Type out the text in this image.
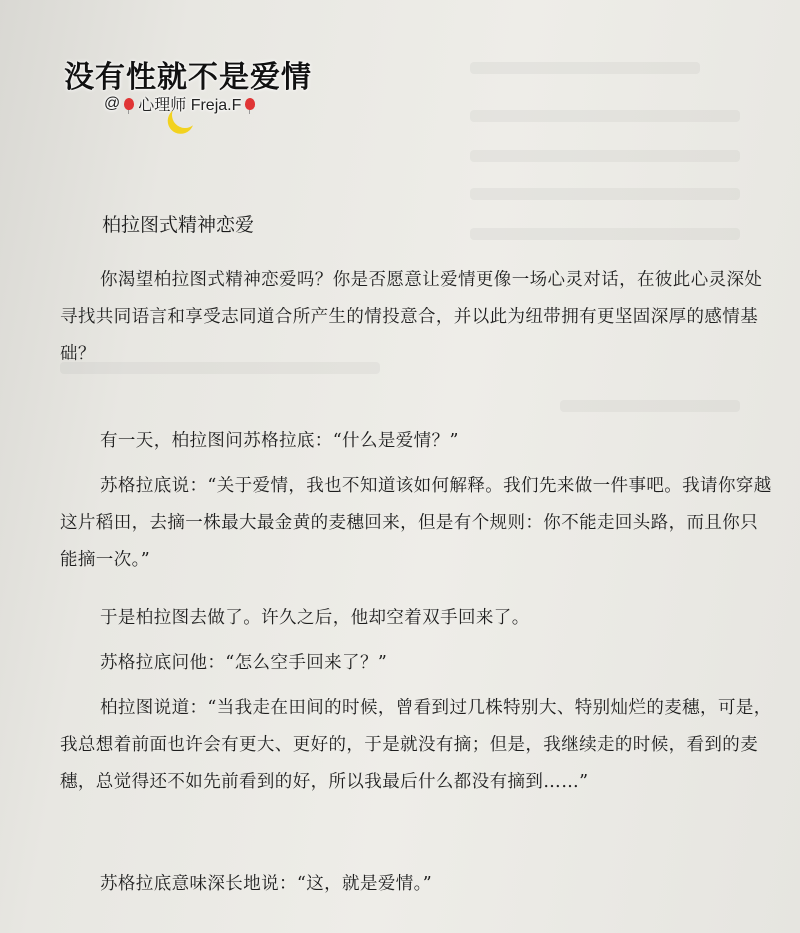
没有性就不是爱情
@ 心理师 Freja.F
柏拉图式精神恋爱
你渴望柏拉图式精神恋爱吗？你是否愿意让爱情更像一场心灵对话，在彼此心灵深处寻找共同语言和享受志同道合所产生的情投意合，并以此为纽带拥有更坚固深厚的感情基础？
有一天，柏拉图问苏格拉底：“什么是爱情？”
苏格拉底说：“关于爱情，我也不知道该如何解释。我们先来做一件事吧。我请你穿越这片稻田，去摘一株最大最金黄的麦穗回来，但是有个规则：你不能走回头路，而且你只能摘一次。”
于是柏拉图去做了。许久之后，他却空着双手回来了。
苏格拉底问他：“怎么空手回来了？”
柏拉图说道：“当我走在田间的时候，曾看到过几株特别大、特别灿烂的麦穗，可是，我总想着前面也许会有更大、更好的，于是就没有摘；但是，我继续走的时候，看到的麦穗，总觉得还不如先前看到的好，所以我最后什么都没有摘到……”
苏格拉底意味深长地说：“这，就是爱情。”
